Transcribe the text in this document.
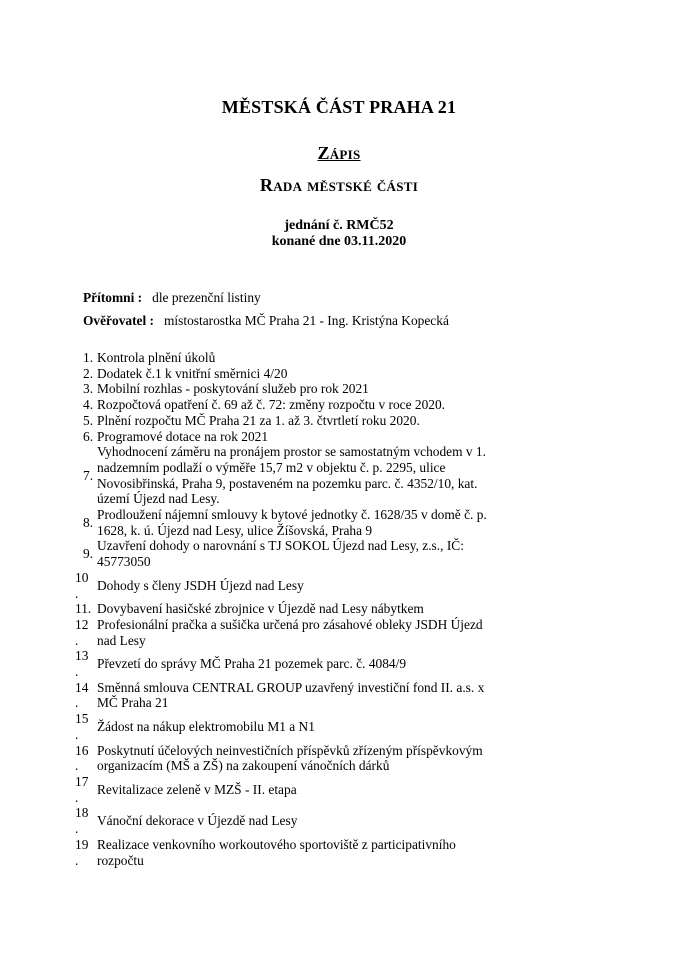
MĚSTSKÁ ČÁST PRAHA 21
Zápis
Rada městské části
jednání č. RMČ52
konané dne 03.11.2020
Přítomni : dle prezenční listiny
Ověřovatel : místostarostka MČ Praha 21 - Ing. Kristýna Kopecká
1. Kontrola plnění úkolů
2. Dodatek č.1 k vnitřní směrnici 4/20
3. Mobilní rozhlas - poskytování služeb pro rok 2021
4. Rozpočtová opatření č. 69 až č. 72: změny rozpočtu v roce 2020.
5. Plnění rozpočtu MČ Praha 21 za 1. až 3. čtvrtletí roku 2020.
6. Programové dotace na rok 2021
7.
Vyhodnocení záměru na pronájem prostor se samostatným vchodem v 1.
nadzemním podlaží o výměře 15,7 m2 v objektu č. p. 2295, ulice
Novosibřinská, Praha 9, postaveném na pozemku parc. č. 4352/10, kat.
území Újezd nad Lesy.
8.
Prodloužení nájemní smlouvy k bytové jednotky č. 1628/35 v domě č. p.
1628, k. ú. Újezd nad Lesy, ulice Žíšovská, Praha 9
9.
Uzavření dohody o narovnání s TJ SOKOL Újezd nad Lesy, z.s., IČ:
45773050
10
.
Dohody s členy JSDH Újezd nad Lesy
11. Dovybavení hasičské zbrojnice v Újezdě nad Lesy nábytkem
12
.
Profesionální pračka a sušička určená pro zásahové obleky JSDH Újezd
nad Lesy
13
.
Převzetí do správy MČ Praha 21 pozemek parc. č. 4084/9
14
.
Směnná smlouva CENTRAL GROUP uzavřený investiční fond II. a.s. x
MČ Praha 21
15
.
Žádost na nákup elektromobilu M1 a N1
16
.
Poskytnutí účelových neinvestičních příspěvků zřízeným příspěvkovým
organizacím (MŠ a ZŠ) na zakoupení vánočních dárků
17
.
Revitalizace zeleně v MZŠ - II. etapa
18
.
Vánoční dekorace v Újezdě nad Lesy
19
.
Realizace venkovního workoutového sportoviště z participativního
rozpočtu
